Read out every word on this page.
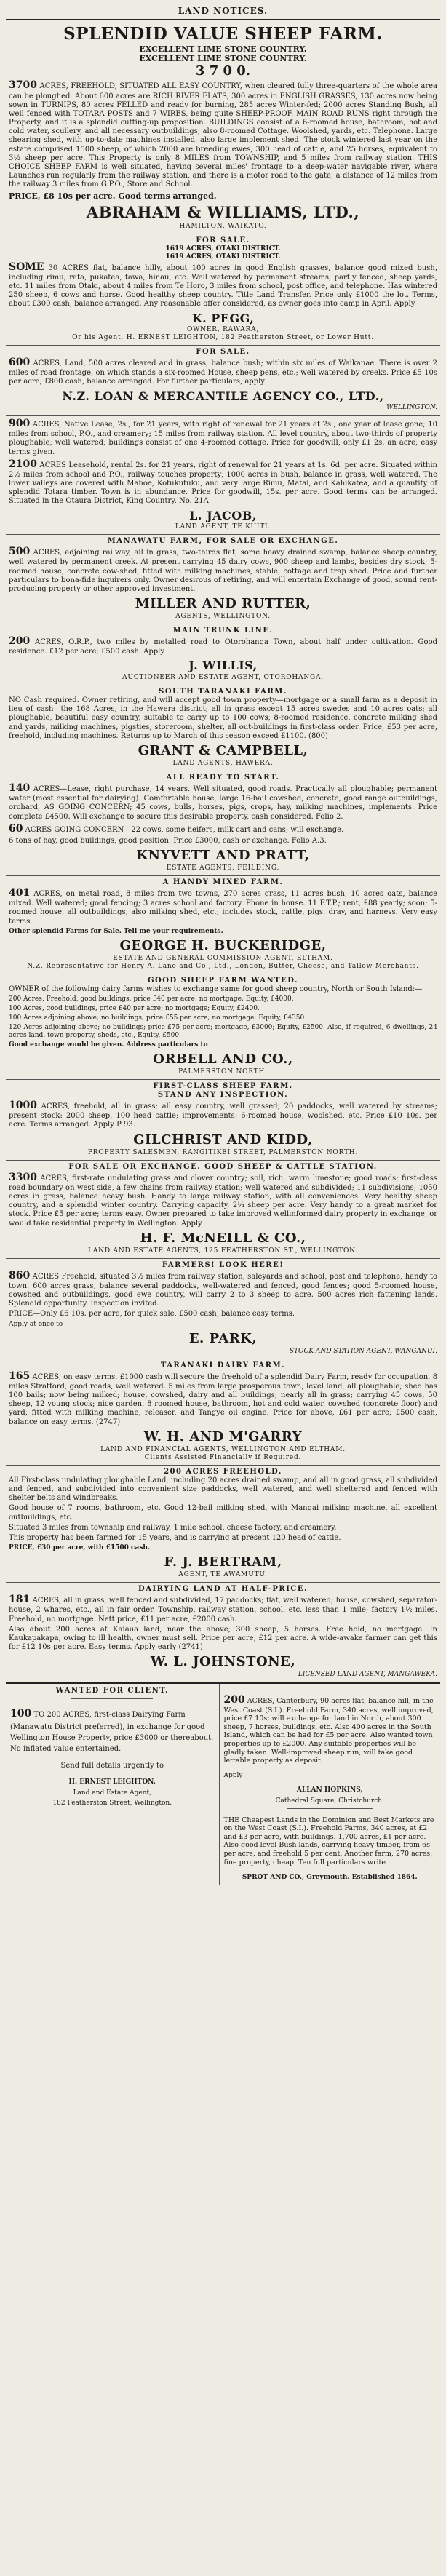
LAND NOTICES.
SPLENDID VALUE SHEEP FARM.
EXCELLENT LIME STONE COUNTRY.
EXCELLENT LIME STONE COUNTRY.
3 7 0 0.

3700 ACRES, FREEHOLD, SITUATED ALL EASY COUNTRY, when cleared fully three-quarters of the whole area can be ploughed. About 600 acres are RICH RIVER FLATS, 300 acres in ENGLISH GRASSES, 130 acres now being sown in TURNIPS, 80 acres FELLED and ready for burning, 285 acres Winter-fed; 2000 acres Standing Bush, all well fenced with TOTARA POSTS and 7 WIRES, being quite SHEEP-PROOF. MAIN ROAD RUNS right through the Property, and it is a splendid cutting-up proposition. BUILDINGS consist of a 6-roomed house, bathroom, hot and cold water, scullery, and all necessary outbuildings; also 8-roomed Cottage. Woolshed, yards, etc. Telephone. Large shearing shed, with up-to-date machines installed, also large implement shed. The stock wintered last year on the estate comprised 1500 sheep, of which 2000 are breeding ewes, 300 head of cattle, and 25 horses, equivalent to 3½ sheep per acre. This Property is only 8 MILES from TOWNSHIP, and 5 miles from railway station. THIS CHOICE SHEEP FARM is well situated, having several miles' frontage to a deep-water navigable river, where Launches run regularly from the railway station, and there is a motor road to the gate, a distance of 12 miles from the railway 3 miles from G.P.O., Store and School.

PRICE, £8 10s per acre. Good terms arranged.

ABRAHAM & WILLIAMS, LTD.,
HAMILTON, WAIKATO.
FOR SALE.
1619 ACRES, OTAKI DISTRICT.
1619 ACRES, OTAKI DISTRICT.

SOME 30 ACRES flat, balance hilly, about 100 acres in good English grasses, balance good mixed bush, including rimu, rata, pukatea, tawa, hinau, etc. Well watered by permanent streams, partly fenced, sheep yards, etc. 11 miles from Otaki, about 4 miles from Te Horo, 3 miles from school, post office, and telephone. Has wintered 250 sheep, 6 cows and horse. Good healthy sheep country. Title Land Transfer. Price only £1000 the lot. Terms, about £300 cash, balance arranged. Any reasonable offer considered, as owner goes into camp in April. Apply

K. PEGG,
OWNER, RAWARA,
Or his Agent, H. ERNEST LEIGHTON, 182 Featherston Street, or Lower Hutt.
FOR SALE.

600 ACRES, Land, 500 acres cleared and in grass, balance bush; within six miles of Waikanae. There is over 2 miles of road frontage, on which stands a six-roomed House, sheep pens, etc.; well watered by creeks. Price £5 10s per acre; £800 cash, balance arranged. For further particulars, apply

N.Z. LOAN & MERCANTILE AGENCY CO., LTD.,
WELLINGTON.

900 ACRES, Native Lease, 2s., for 21 years, with right of renewal for 21 years at 2s., one year of lease gone; 10 miles from school, P.O., and creamery; 15 miles from railway station. All level country, about two-thirds of property ploughable; well watered; buildings consist of one 4-roomed cottage. Price for goodwill, only £1 2s. an acre; easy terms given.

2100 ACRES Leasehold, rental 2s. for 21 years, right of renewal for 21 years at 1s. 6d. per acre. Situated within 2½ miles from school and P.O., railway touches property; 1000 acres in bush, balance in grass, well watered. The lower valleys are covered with Mahoe, Kotukutuku, and very large Rimu, Matai, and Kahikatea, and a quantity of splendid Totara timber. Town is in abundance. Price for goodwill, 15s. per acre. Good terms can be arranged. Situated in the Otaura District, King Country. No. 21A

L. JACOB,
LAND AGENT, TE KUITI.
MANAWATU FARM, FOR SALE OR EXCHANGE.

500 ACRES, adjoining railway, all in grass, two-thirds flat, some heavy drained swamp, balance sheep country, well watered by permanent creek. At present carrying 45 dairy cows, 900 sheep and lambs, besides dry stock; 5-roomed house, concrete cow-shed, fitted with milking machines, stable, cottage and trap shed. Price and further particulars to bona-fide inquirers only. Owner desirous of retiring, and will entertain Exchange of good, sound rent-producing property or other approved investment.

MILLER AND RUTTER,
AGENTS, WELLINGTON.
MAIN TRUNK LINE.

200 ACRES, O.R.P., two miles by metalled road to Otorohanga Town, about half under cultivation. Good residence. £12 per acre; £500 cash. Apply

J. WILLIS,
AUCTIONEER AND ESTATE AGENT, OTOROHANGA.
SOUTH TARANAKI FARM.

NO Cash required. Owner retiring, and will accept good town property—mortgage or a small farm as a deposit in lieu of cash—the 168 Acres, in the Hawera district; all in grass except 15 acres swedes and 10 acres oats; all ploughable, beautiful easy country, suitable to carry up to 100 cows; 8-roomed residence, concrete milking shed and yards, milking machines, pigsties, storeroom, shelter, all out-buildings in first-class order. Price, £53 per acre, freehold, including machines. Returns up to March of this season exceed £1100. (800)

GRANT & CAMPBELL,
LAND AGENTS, HAWERA.
ALL READY TO START.

140 ACRES—Lease, right purchase, 14 years. Well situated, good roads. Practically all ploughable; permanent water (most essential for dairying). Comfortable house, large 16-bail cowshed, concrete, good range outbuildings, orchard, AS GOING CONCERN; 45 cows, bulls, horses, pigs, crops, hay, milking machines, implements. Price complete £4500. Will exchange to secure this desirable property, cash considered. Folio 2.

60 ACRES GOING CONCERN—22 cows, some heifers, milk cart and cans; will exchange.

6 tons of hay, good buildings, good position. Price £3000, cash or exchange. Folio A.3.

KNYVETT AND PRATT,
ESTATE AGENTS, FEILDING.
A HANDY MIXED FARM.

401 ACRES, on metal road, 8 miles from two towns, 270 acres grass, 11 acres bush, 10 acres oats, balance mixed. Well watered; good fencing; 3 acres school and factory. Phone in house. 11 F.T.P.; rent, £88 yearly; soon; 5-roomed house, all outbuildings, also milking shed, etc.; includes stock, cattle, pigs, dray, and harness. Very easy terms.

Other splendid Farms for Sale. Tell me your requirements.

GEORGE H. BUCKERIDGE,
ESTATE AND GENERAL COMMISSION AGENT, ELTHAM.
N.Z. Representative for Henry A. Lane and Co., Ltd., London, Butter, Cheese, and Tallow Merchants.
GOOD SHEEP FARM WANTED.

OWNER of the following dairy farms wishes to exchange same for good sheep country, North or South Island:—

200 Acres, Freehold, good buildings, price £40 per acre; no mortgage; Equity, £4000.

100 Acres, good buildings, price £40 per acre; no mortgage; Equity, £2400.

100 Acres adjoining above; no buildings; price £55 per acre; no mortgage; Equity, £4350.

120 Acres adjoining above; no buildings; price £75 per acre; mortgage, £3000; Equity, £2500. Also, if required, 6 dwellings, 24 acres land, town property, sheds, etc., Equity, £500.

Good exchange would be given. Address particulars to

ORBELL AND CO.,
PALMERSTON NORTH.
FIRST-CLASS SHEEP FARM.
STAND ANY INSPECTION.

1000 ACRES, freehold, all in grass; all easy country, well grassed; 20 paddocks, well watered by streams; present stock: 2000 sheep, 100 head cattle; improvements: 6-roomed house, woolshed, etc. Price £10 10s. per acre. Terms arranged. Apply P 93.

GILCHRIST AND KIDD,
PROPERTY SALESMEN, RANGITIKEI STREET, PALMERSTON NORTH.
FOR SALE OR EXCHANGE. GOOD SHEEP & CATTLE STATION.

3300 ACRES, first-rate undulating grass and clover country; soil, rich, warm limestone; good roads; first-class road boundary on west side, a few chains from railway station; well watered and subdivided; 11 subdivisions; 1050 acres in grass, balance heavy bush. Handy to large railway station, with all conveniences. Very healthy sheep country, and a splendid winter country. Carrying capacity, 2¼ sheep per acre. Very handy to a great market for stock. Price £5 per acre; terms easy. Owner prepared to take improved wellinformed dairy property in exchange, or would take residential property in Wellington. Apply

H. F. McNEILL & CO.,
LAND AND ESTATE AGENTS, 125 FEATHERSTON ST., WELLINGTON.
FARMERS! LOOK HERE!

860 ACRES Freehold, situated 3½ miles from railway station, saleyards and school, post and telephone, handy to town. 600 acres grass, balance several paddocks, well-watered and fenced, good fences; good 5-roomed house, cowshed and outbuildings, good ewe country, will carry 2 to 3 sheep to acre. 500 acres rich fattening lands. Splendid opportunity. Inspection invited.

PRICE—Only £6 10s. per acre, for quick sale, £500 cash, balance easy terms.

Apply at once to

E. PARK,
STOCK AND STATION AGENT, WANGANUI.
TARANAKI DAIRY FARM.

165 ACRES, on easy terms. £1000 cash will secure the freehold of a splendid Dairy Farm, ready for occupation, 8 miles Stratford, good roads, well watered. 5 miles from large prosperous town; level land, all ploughable; shed has 100 bails; now being milked; house, cowshed, dairy and all buildings; nearly all in grass; carrying 45 cows, 50 sheep, 12 young stock; nice garden, 8 roomed house, bathroom, hot and cold water, cowshed (concrete floor) and yard; fitted with milking machine, releaser, and Tangye oil engine. Price for above, £61 per acre; £500 cash, balance on easy terms. (2747)

W. H. AND M'GARRY
LAND AND FINANCIAL AGENTS, WELLINGTON AND ELTHAM.
Clients Assisted Financially if Required.
200 ACRES FREEHOLD.

All First-class undulating ploughable Land, including 20 acres drained swamp, and all in good grass, all subdivided and fenced, and subdivided into convenient size paddocks, well watered, and well sheltered and fenced with shelter belts and windbreaks.

Good house of 7 rooms, bathroom, etc. Good 12-bail milking shed, with Mangai milking machine, all excellent outbuildings, etc.

Situated 3 miles from township and railway, 1 mile school, cheese factory, and creamery.

This property has been farmed for 15 years, and is carrying at present 120 head of cattle.

PRICE, £30 per acre, with £1500 cash.

F. J. BERTRAM,
AGENT, TE AWAMUTU.
DAIRYING LAND AT HALF-PRICE.

181 ACRES, all in grass, well fenced and subdivided, 17 paddocks; flat, well watered; house, cowshed, separator-house, 2 whares, etc., all in fair order. Township, railway station, school, etc. less than 1 mile; factory 1½ miles. Freehold, no mortgage. Nett price, £11 per acre, £2000 cash.

Also about 200 acres at Kaiaua land, near the above; 300 sheep, 5 horses. Free hold, no mortgage. In Kaukapakapa, owing to ill health, owner must sell. Price per acre, £12 per acre. A wide-awake farmer can get this for £12 10s per acre. Easy terms. Apply early (2741)

W. L. JOHNSTONE,
LICENSED LAND AGENT, MANGAWEKA.
WANTED FOR CLIENT.

100 TO 200 ACRES, first-class Dairying Farm (Manawatu District preferred), in exchange for good Wellington House Property, price £3000 or thereabout. No inflated value entertained.

Send full details urgently to

H. ERNEST LEIGHTON,
Land and Estate Agent,
182 Featherston Street, Wellington.

200 ACRES, Canterbury, 90 acres flat, balance hill, in the West Coast (S.I.). Freehold Farm, 340 acres, well improved, price £7 10s; will exchange for land in North, about 300 sheep, 7 horses, buildings, etc. Also 400 acres in the South Island, which can be had for £5 per acre. Also wanted town properties up to £2000. Any suitable properties will be gladly taken. Well-improved sheep run, will take good lettable property as deposit.

Apply

ALLAN HOPKINS,
Cathedral Square, Christchurch.

THE Cheapest Lands in the Dominion and Best Markets are on the West Coast (S.I.). Freehold Farms, 340 acres, at £2 and £3 per acre, with buildings. 1,700 acres, £1 per acre. Also good level Bush lands, carrying heavy timber, from 6s. per acre, and freehold 5 per cent. Another farm, 270 acres, fine property, cheap. Ten full particulars write

SPROT AND CO., Greymouth. Established 1864.
